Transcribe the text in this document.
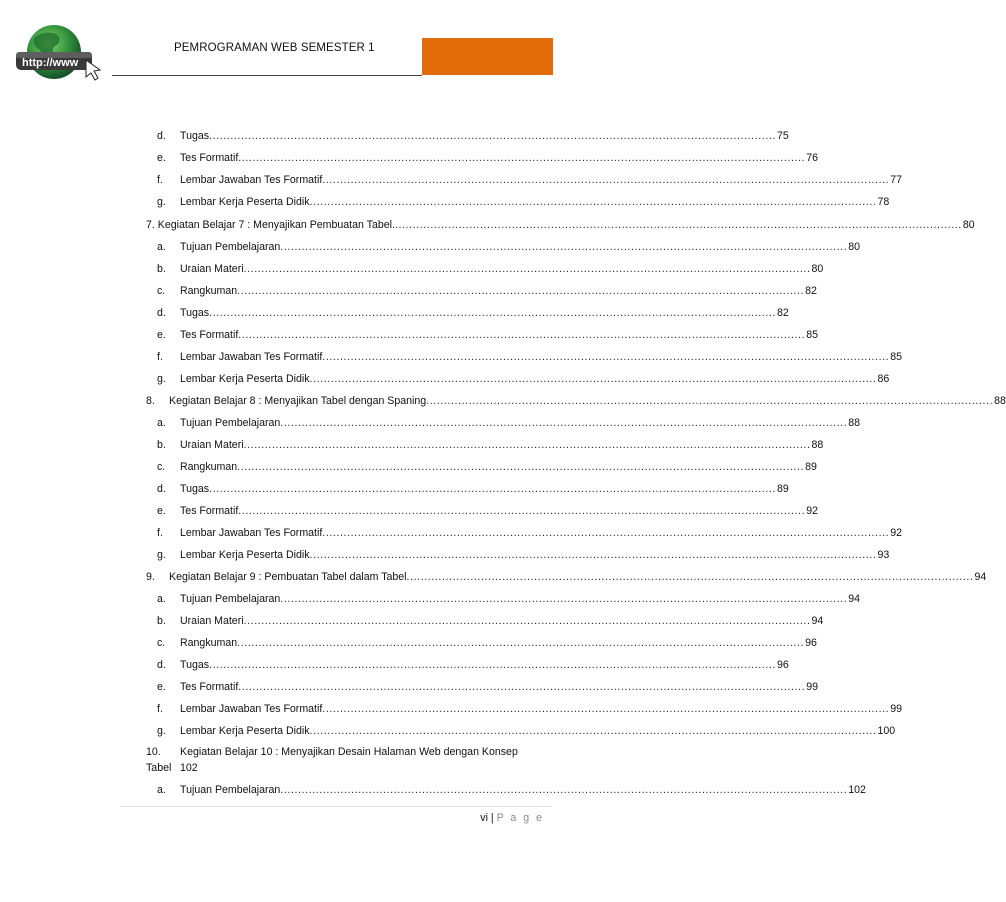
http://www
PEMROGRAMAN WEB SEMESTER 1
d. Tugas ................................................................................................................................................................ 75
e. Tes Formatif ................................................................................................................................................................ 76
f. Lembar Jawaban Tes Formatif ................................................................................................................................................................ 77
g. Lembar Kerja Peserta Didik ................................................................................................................................................................ 78
7. Kegiatan Belajar 7 : Menyajikan Pembuatan Tabel. ................................................................................................................................................................ 80
a. Tujuan Pembelajaran ................................................................................................................................................................ 80
b. Uraian Materi ................................................................................................................................................................ 80
c. Rangkuman ................................................................................................................................................................ 82
d. Tugas ................................................................................................................................................................ 82
e. Tes Formatif ................................................................................................................................................................ 85
f. Lembar Jawaban Tes Formatif ................................................................................................................................................................ 85
g. Lembar Kerja Peserta Didik ................................................................................................................................................................ 86
8. Kegiatan Belajar 8 : Menyajikan Tabel dengan Spaning ................................................................................................................................................................ 88
a. Tujuan Pembelajaran ................................................................................................................................................................ 88
b. Uraian Materi ................................................................................................................................................................ 88
c. Rangkuman ................................................................................................................................................................ 89
d. Tugas ................................................................................................................................................................ 89
e. Tes Formatif ................................................................................................................................................................ 92
f. Lembar Jawaban Tes Formatif ................................................................................................................................................................ 92
g. Lembar Kerja Peserta Didik ................................................................................................................................................................ 93
9. Kegiatan Belajar 9 : Pembuatan Tabel dalam Tabel ................................................................................................................................................................ 94
a. Tujuan Pembelajaran ................................................................................................................................................................ 94
b. Uraian Materi ................................................................................................................................................................ 94
c. Rangkuman ................................................................................................................................................................ 96
d. Tugas ................................................................................................................................................................ 96
e. Tes Formatif ................................................................................................................................................................ 99
f. Lembar Jawaban Tes Formatif ................................................................................................................................................................ 99
g. Lembar Kerja Peserta Didik ................................................................................................................................................................ 100
10. Kegiatan Belajar 10 : Menyajikan Desain Halaman Web dengan Konsep
Tabel 102
a. Tujuan Pembelajaran ................................................................................................................................................................ 102
vi | P a g e
